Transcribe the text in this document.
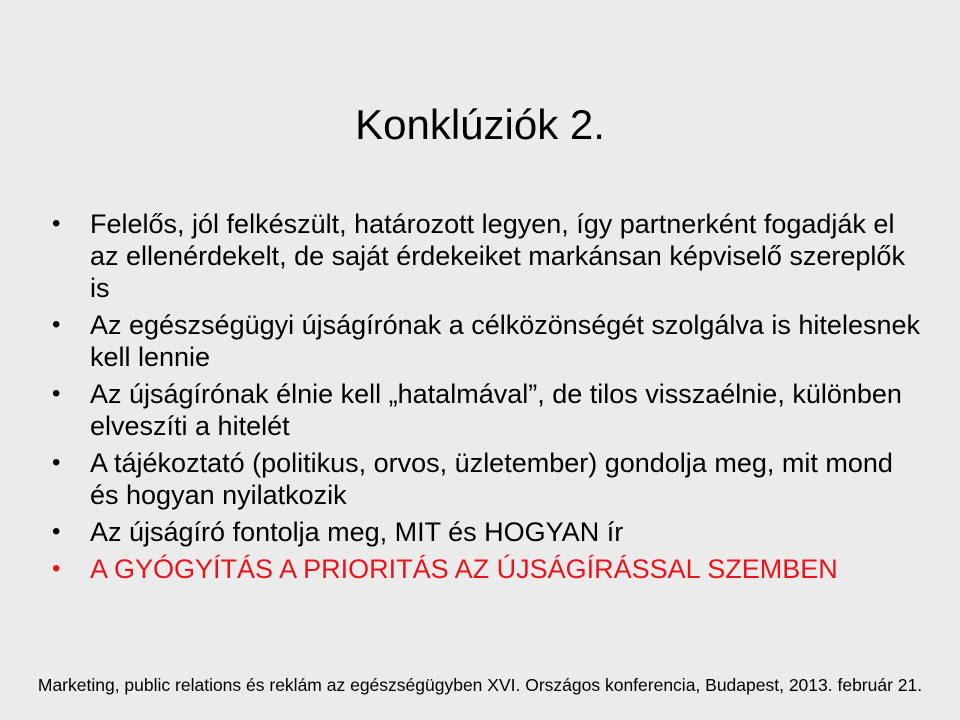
Konklúziók 2.
•	Felelős, jól felkészült, határozott legyen, így partnerként fogadják el az ellenérdekelt, de saját érdekeiket markánsan képviselő szereplők is
•	Az egészségügyi újságírónak a célközönségét szolgálva is hitelesnek kell lennie
•	Az újságírónak élnie kell „hatalmával”, de tilos visszaélnie, különben elveszíti a hitelét
•	A tájékoztató (politikus, orvos, üzletember) gondolja meg, mit mond és hogyan nyilatkozik
•	Az újságíró fontolja meg, MIT és HOGYAN ír
•	A GYÓGYÍTÁS A PRIORITÁS AZ ÚJSÁGÍRÁSSAL SZEMBEN
Marketing, public relations és reklám az egészségügyben XVI. Országos konferencia, Budapest, 2013. február 21.
